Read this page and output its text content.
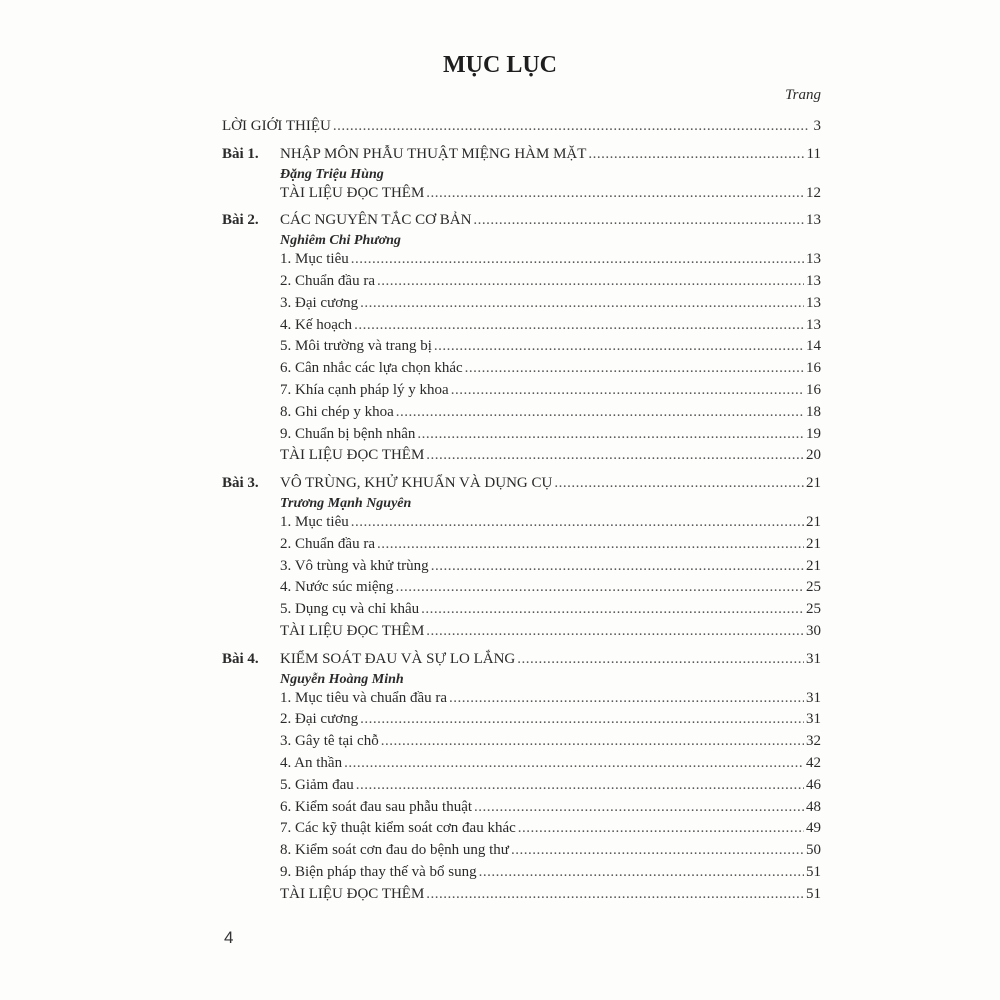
MỤC LỤC
Trang
LỜI GIỚI THIỆU .....	3
Bài 1.	NHẬP MÔN PHẪU THUẬT MIỆNG HÀM MẶT .....	11
Đặng Triệu Hùng
TÀI LIỆU ĐỌC THÊM .....	12
Bài 2.	CÁC NGUYÊN TẮC CƠ BẢN .....	13
Nghiêm Chi Phương
1. Mục tiêu .....	13
2. Chuẩn đầu ra .....	13
3. Đại cương .....	13
4. Kế hoạch .....	13
5. Môi trường và trang bị .....	14
6. Cân nhắc các lựa chọn khác .....	16
7. Khía cạnh pháp lý y khoa .....	16
8. Ghi chép y khoa .....	18
9. Chuẩn bị bệnh nhân .....	19
TÀI LIỆU ĐỌC THÊM .....	20
Bài 3.	VÔ TRÙNG, KHỬ KHUẨN VÀ DỤNG CỤ .....	21
Trương Mạnh Nguyên
1. Mục tiêu .....	21
2. Chuẩn đầu ra .....	21
3. Vô trùng và khử trùng .....	21
4. Nước súc miệng .....	25
5. Dụng cụ và chỉ khâu .....	25
TÀI LIỆU ĐỌC THÊM .....	30
Bài 4.	KIỂM SOÁT ĐAU VÀ SỰ LO LẮNG .....	31
Nguyễn Hoàng Minh
1. Mục tiêu và chuẩn đầu ra .....	31
2. Đại cương .....	31
3. Gây tê tại chỗ .....	32
4. An thần .....	42
5. Giảm đau .....	46
6. Kiểm soát đau sau phẫu thuật .....	48
7. Các kỹ thuật kiểm soát cơn đau khác .....	49
8. Kiểm soát cơn đau do bệnh ung thư .....	50
9. Biện pháp thay thế và bổ sung .....	51
TÀI LIỆU ĐỌC THÊM .....	51
4
